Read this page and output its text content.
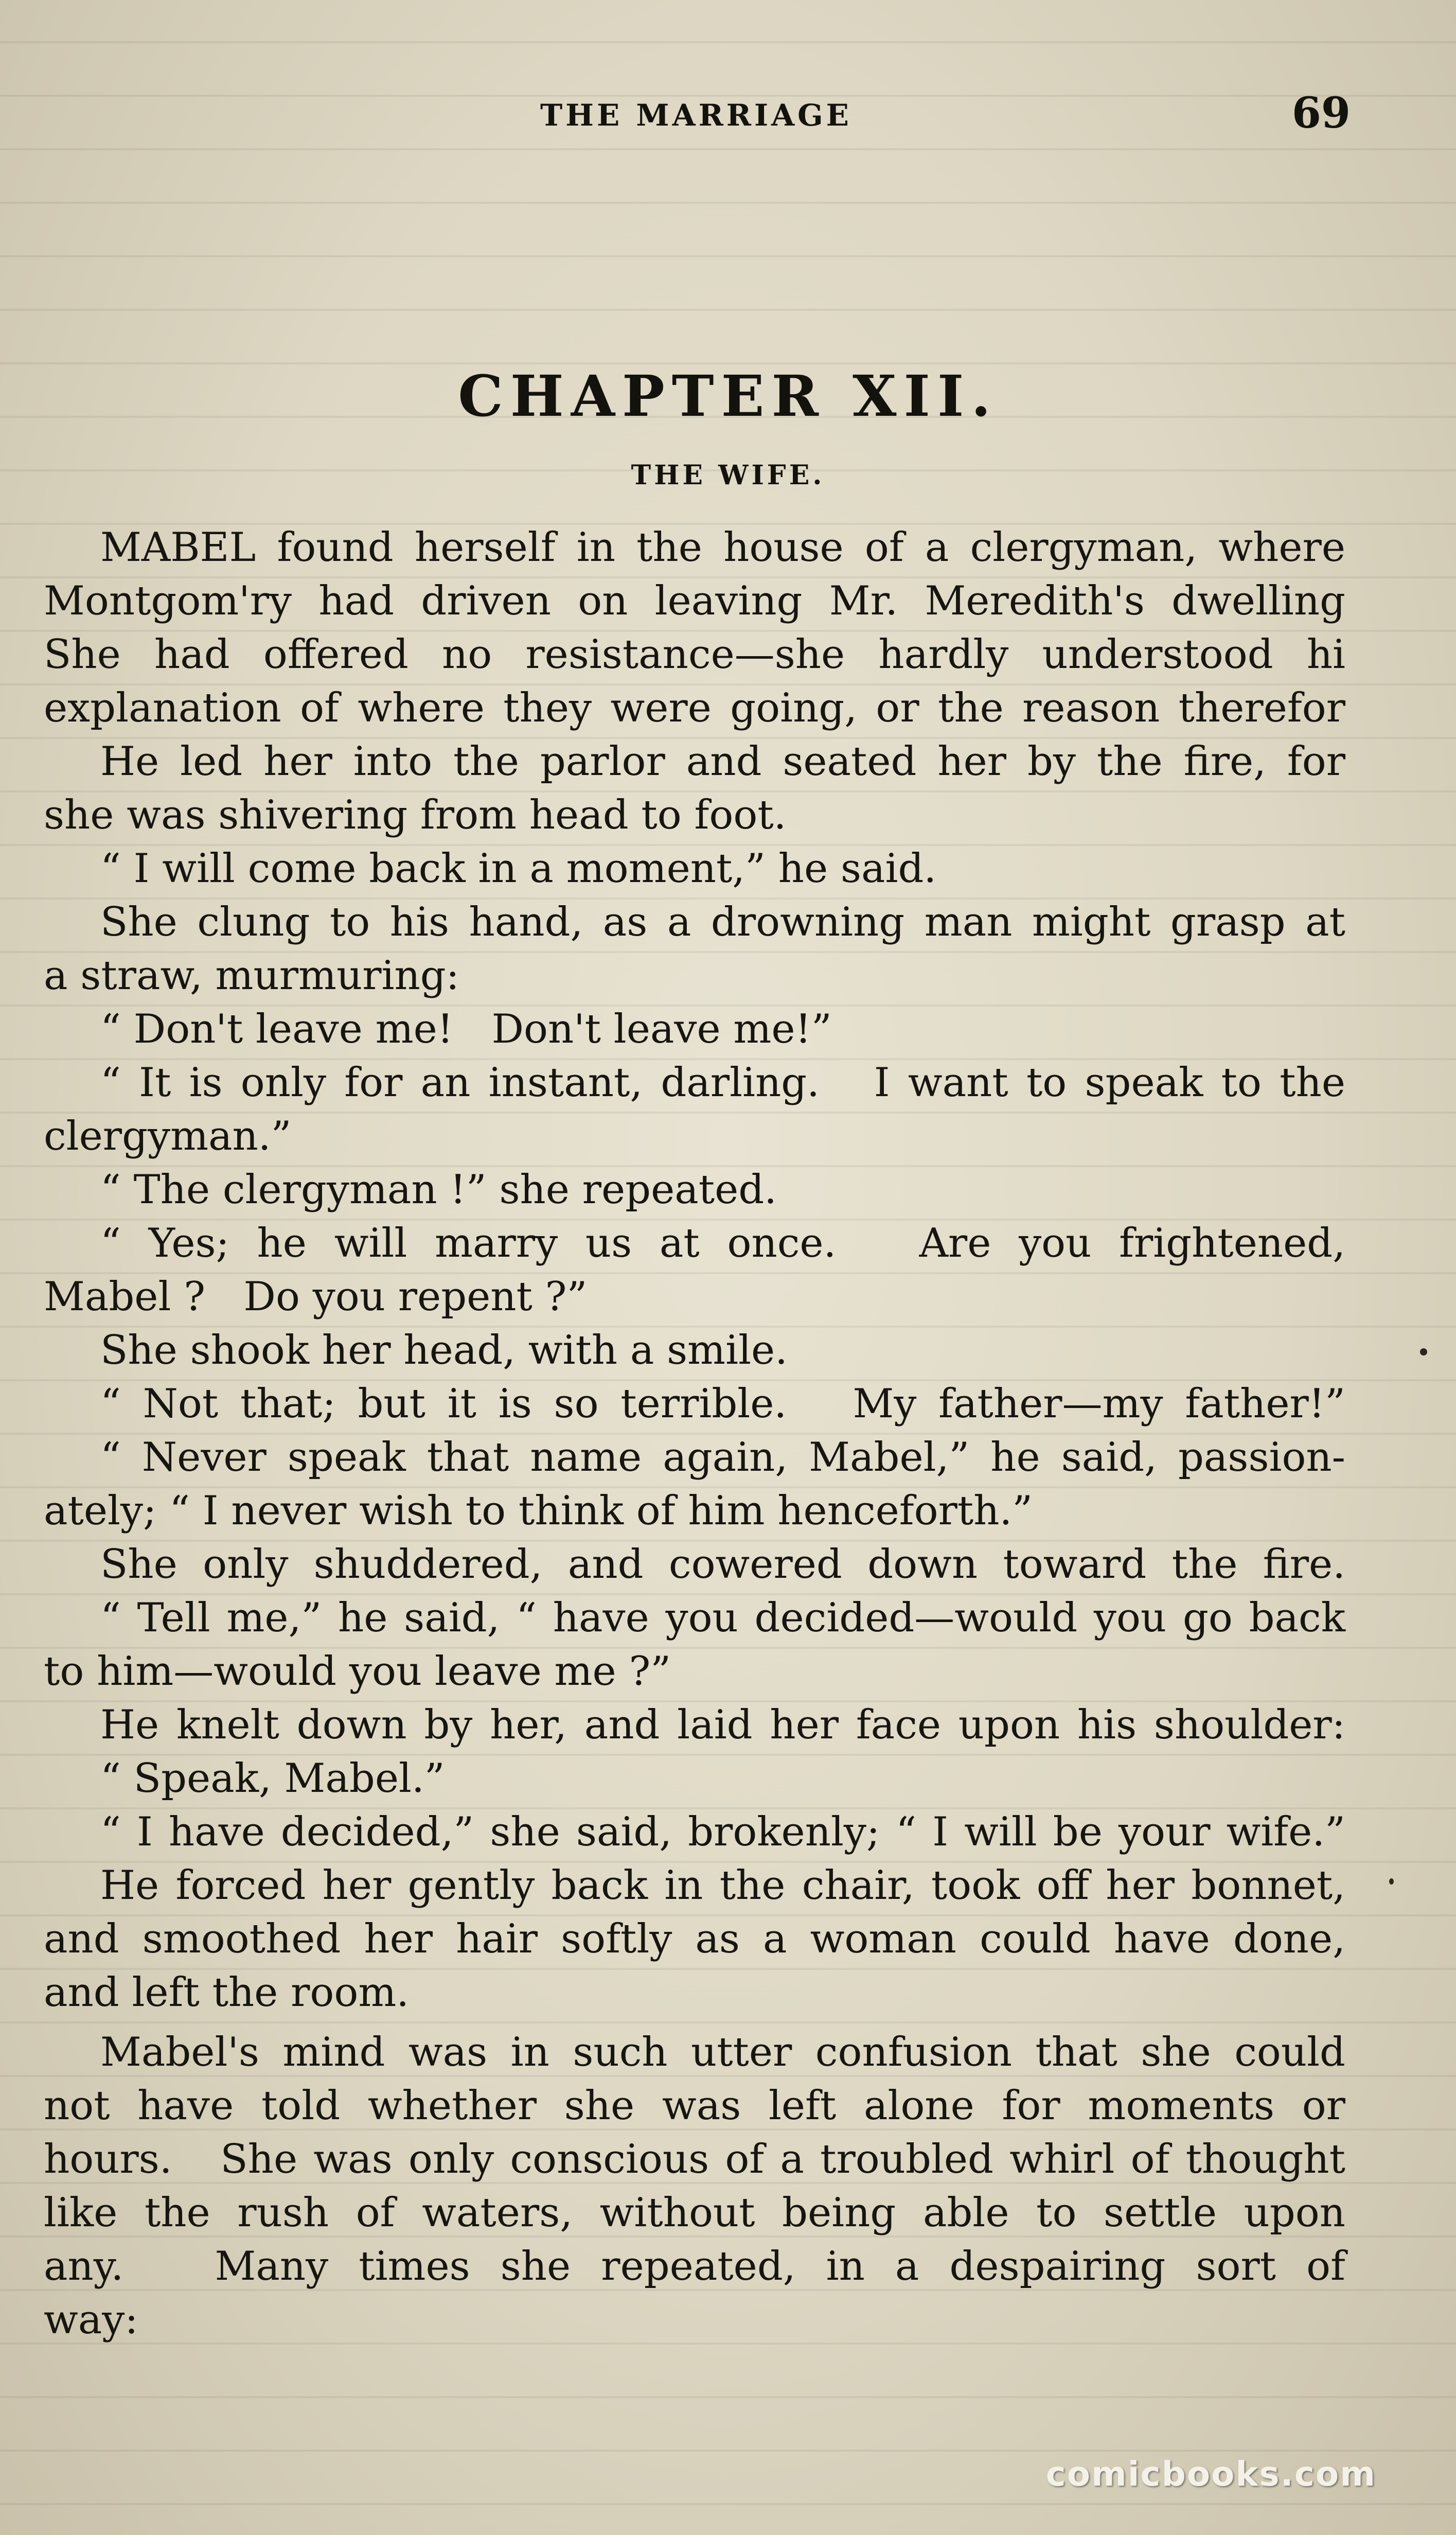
THE MARRIAGE	69
CHAPTER XII.
THE WIFE.
MABEL found herself in the house of a clergyman, where
Montgom'ry had driven on leaving Mr. Meredith's dwelling
She had offered no resistance—she hardly understood hi
explanation of where they were going, or the reason therefor
He led her into the parlor and seated her by the fire, for
she was shivering from head to foot.
“ I will come back in a moment,” he said.
She clung to his hand, as a drowning man might grasp at
a straw, murmuring:
“ Don't leave me!   Don't leave me!”
“ It is only for an instant, darling.   I want to speak to the
clergyman.”
“ The clergyman !” she repeated.
“ Yes; he will marry us at once.   Are you frightened,
Mabel ?   Do you repent ?”
She shook her head, with a smile.
“ Not that; but it is so terrible.   My father—my father!”
“ Never speak that name again, Mabel,” he said, passion-
ately; “ I never wish to think of him henceforth.”
She only shuddered, and cowered down toward the fire.
“ Tell me,” he said, “ have you decided—would you go back
to him—would you leave me ?”
He knelt down by her, and laid her face upon his shoulder:
“ Speak, Mabel.”
“ I have decided,” she said, brokenly; “ I will be your wife.”
He forced her gently back in the chair, took off her bonnet,
and smoothed her hair softly as a woman could have done,
and left the room.
Mabel's mind was in such utter confusion that she could
not have told whether she was left alone for moments or
hours.   She was only conscious of a troubled whirl of thought
like the rush of waters, without being able to settle upon
any.   Many times she repeated, in a despairing sort of
way:
comicbooks.com
